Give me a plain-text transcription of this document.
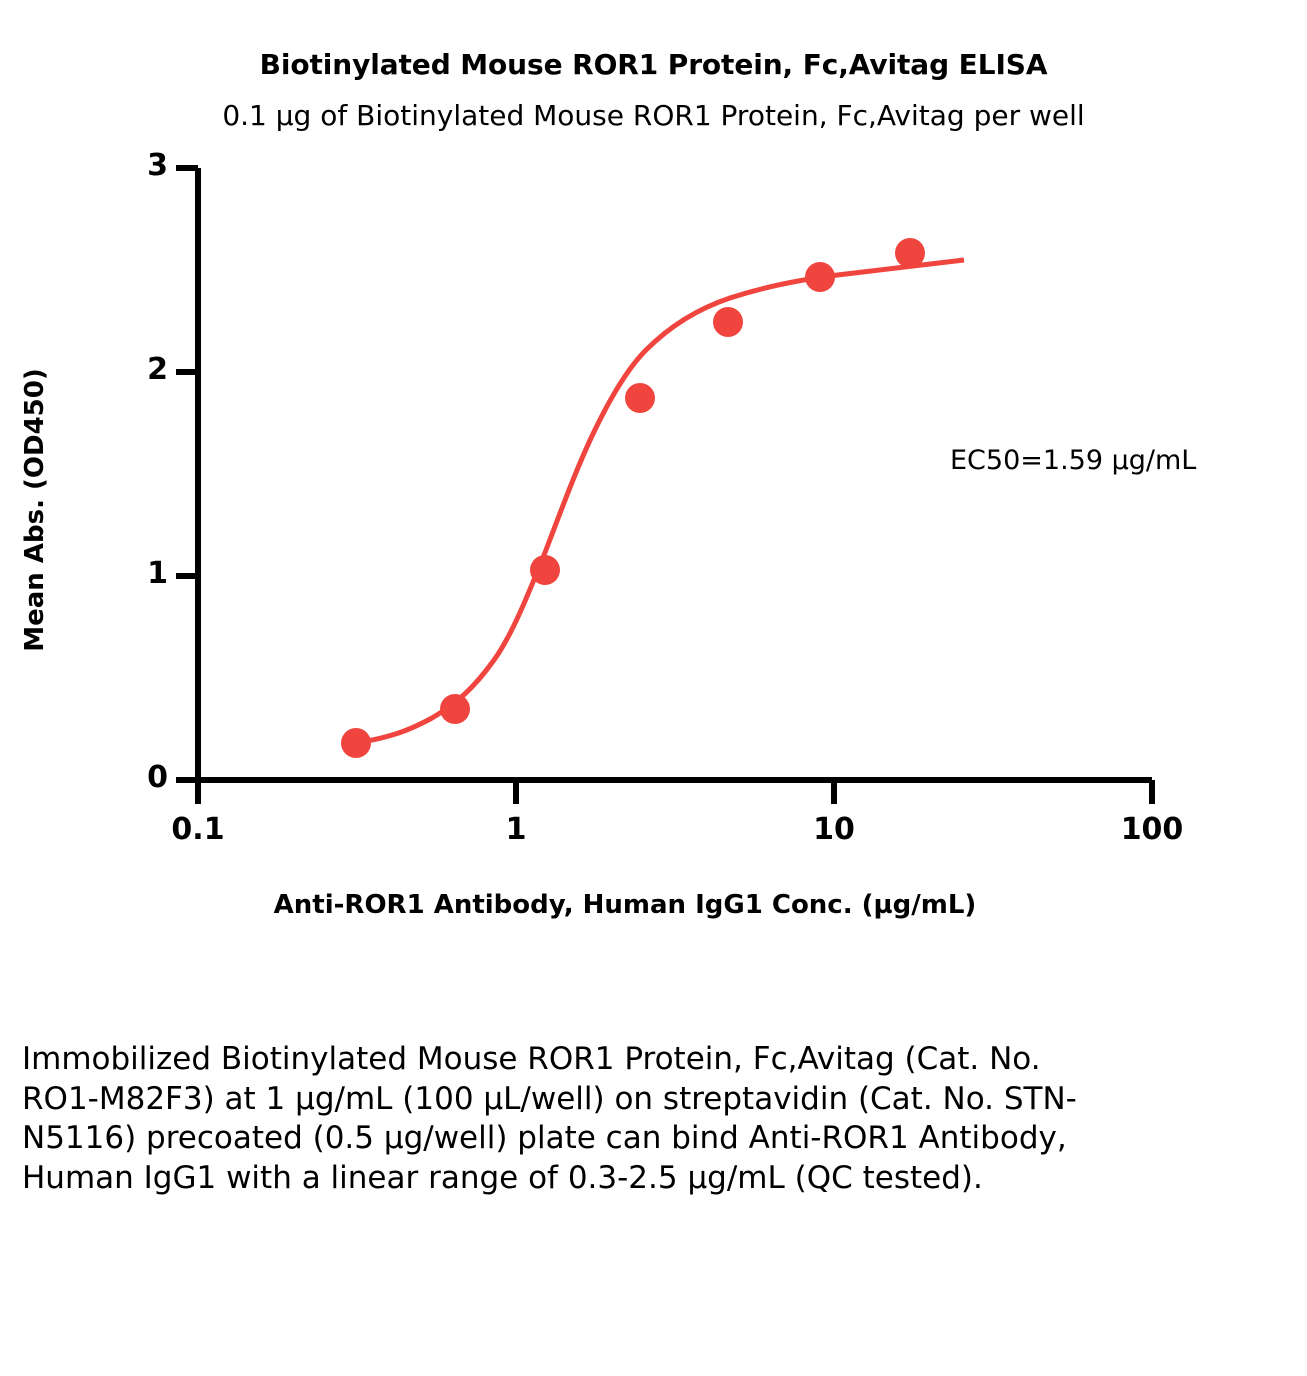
Biotinylated Mouse ROR1 Protein, Fc,Avitag ELISA
0.1 µg of Biotinylated Mouse ROR1 Protein, Fc,Avitag per well
0
1
2
3
0.1	1	10	100
Mean Abs. (OD450)
Anti-ROR1 Antibody, Human IgG1 Conc. (µg/mL)
EC50=1.59 µg/mL
Immobilized Biotinylated Mouse ROR1 Protein, Fc,Avitag (Cat. No. RO1-M82F3) at 1 µg/mL (100 µL/well) on streptavidin (Cat. No. STN-N5116) precoated (0.5 µg/well) plate can bind Anti-ROR1 Antibody, Human IgG1 with a linear range of 0.3-2.5 µg/mL (QC tested).
